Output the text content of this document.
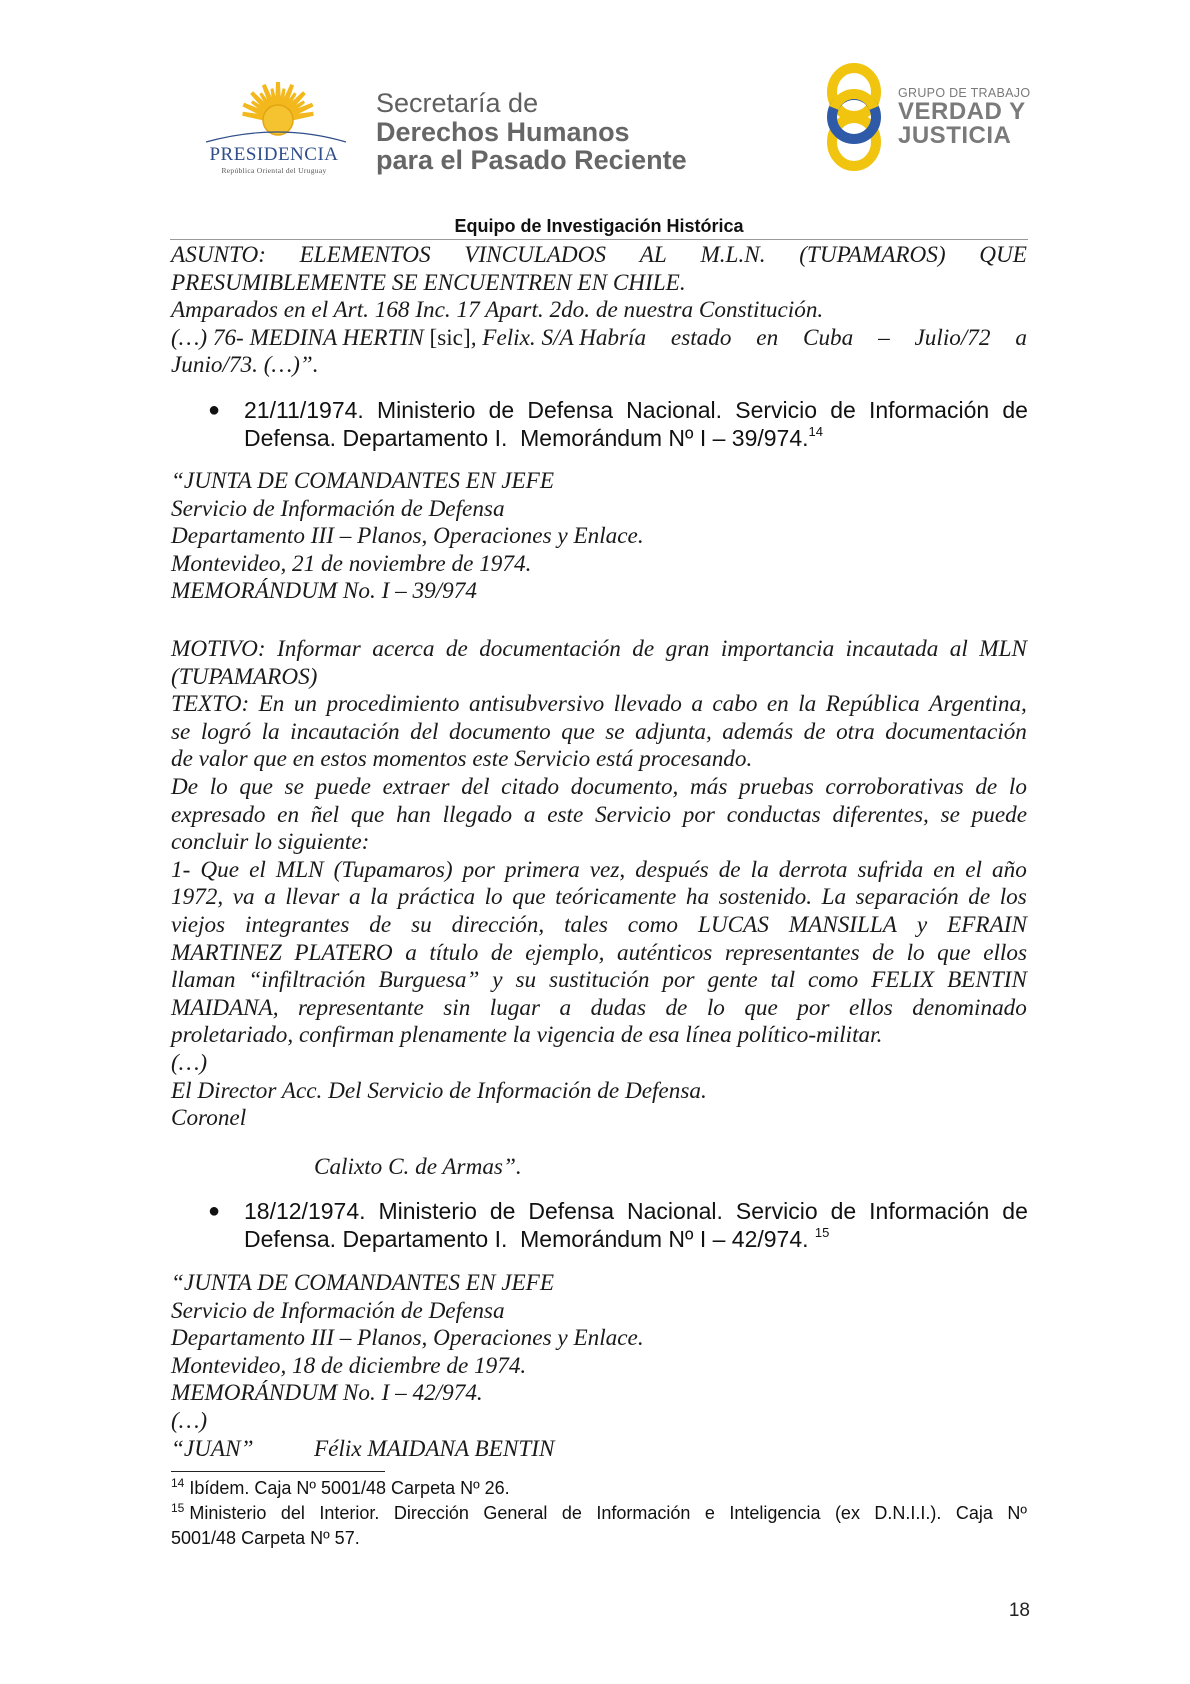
PRESIDENCIA
República Oriental del Uruguay
Secretaría de
Derechos Humanos
para el Pasado Reciente
GRUPO DE TRABAJO
VERDAD Y
JUSTICIA
Equipo de Investigación Histórica
ASUNTO: ELEMENTOS VINCULADOS AL M.L.N. (TUPAMAROS) QUE
PRESUMIBLEMENTE SE ENCUENTREN EN CHILE.
Amparados en el Art. 168 Inc. 17 Apart. 2do. de nuestra Constitución.
(…) 76- MEDINA HERTIN [sic], Felix. S/A Habría estado en Cuba – Julio/72 a
Junio/73. (…)”.
● 21/11/1974. Ministerio de Defensa Nacional. Servicio de Información de
Defensa. Departamento I.  Memorándum Nº I – 39/974.14
“JUNTA DE COMANDANTES EN JEFE
Servicio de Información de Defensa
Departamento III – Planos, Operaciones y Enlace.
Montevideo, 21 de noviembre de 1974.
MEMORÁNDUM No. I – 39/974
MOTIVO: Informar acerca de documentación de gran importancia incautada al MLN
(TUPAMAROS)
TEXTO: En un procedimiento antisubversivo llevado a cabo en la República Argentina,
se logró la incautación del documento que se adjunta, además de otra documentación
de valor que en estos momentos este Servicio está procesando.
De lo que se puede extraer del citado documento, más pruebas corroborativas de lo
expresado en ñel que han llegado a este Servicio por conductas diferentes, se puede
concluir lo siguiente:
1- Que el MLN (Tupamaros) por primera vez, después de la derrota sufrida en el año
1972, va a llevar a la práctica lo que teóricamente ha sostenido. La separación de los
viejos integrantes de su dirección, tales como LUCAS MANSILLA y EFRAIN
MARTINEZ PLATERO a título de ejemplo, auténticos representantes de lo que ellos
llaman “infiltración Burguesa” y su sustitución por gente tal como FELIX BENTIN
MAIDANA, representante sin lugar a dudas de lo que por ellos denominado
proletariado, confirman plenamente la vigencia de esa línea político-militar.
(…)
El Director Acc. Del Servicio de Información de Defensa.
Coronel
Calixto C. de Armas”.
● 18/12/1974. Ministerio de Defensa Nacional. Servicio de Información de
Defensa. Departamento I.  Memorándum Nº I – 42/974. $^{15}$
“JUNTA DE COMANDANTES EN JEFE
Servicio de Información de Defensa
Departamento III – Planos, Operaciones y Enlace.
Montevideo, 18 de diciembre de 1974.
MEMORÁNDUM No. I – 42/974.
(…)
“JUAN”	Félix MAIDANA BENTIN
$^{14}$ Ibídem. Caja Nº 5001/48 Carpeta Nº 26.
$^{15}$ Ministerio del Interior. Dirección General de Información e Inteligencia (ex D.N.I.I.). Caja Nº
5001/48 Carpeta Nº 57.
18
